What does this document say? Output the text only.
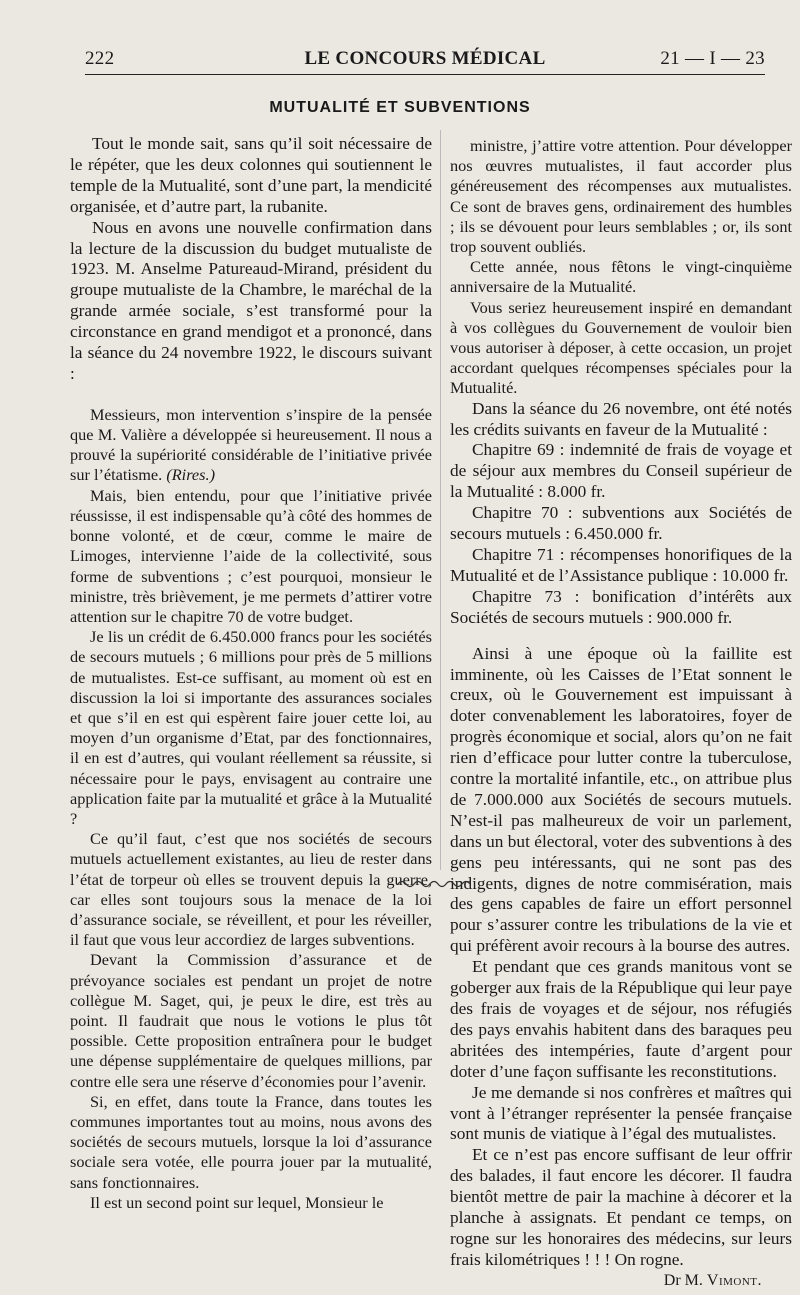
222	LE CONCOURS MÉDICAL	21 — I — 23
MUTUALITÉ ET SUBVENTIONS

Tout le monde sait, sans qu’il soit nécessaire de le répéter, que les deux colonnes qui soutiennent le temple de la Mutualité, sont d’une part, la mendicité organisée, et d’autre part, la rubanite.

Nous en avons une nouvelle confirmation dans la lecture de la discussion du budget mutualiste de 1923. M. Anselme Patureaud-Mirand, président du groupe mutualiste de la Chambre, le maréchal de la grande armée sociale, s’est transformé pour la circonstance en grand mendigot et a prononcé, dans la séance du 24 novembre 1922, le discours suivant :

Messieurs, mon intervention s’inspire de la pensée que M. Valière a développée si heureusement. Il nous a prouvé la supériorité considérable de l’initiative privée sur l’étatisme. (Rires.)

Mais, bien entendu, pour que l’initiative privée réussisse, il est indispensable qu’à côté des hommes de bonne volonté, et de cœur, comme le maire de Limoges, intervienne l’aide de la collectivité, sous forme de subventions ; c’est pourquoi, monsieur le ministre, très brièvement, je me permets d’attirer votre attention sur le chapitre 70 de votre budget.

Je lis un crédit de 6.450.000 francs pour les sociétés de secours mutuels ; 6 millions pour près de 5 millions de mutualistes. Est-ce suffisant, au moment où est en discussion la loi si importante des assurances sociales et que s’il en est qui espèrent faire jouer cette loi, au moyen d’un organisme d’Etat, par des fonctionnaires, il en est d’autres, qui voulant réellement sa réussite, si nécessaire pour le pays, envisagent au contraire une application faite par la mutualité et grâce à la Mutualité ?

Ce qu’il faut, c’est que nos sociétés de secours mutuels actuellement existantes, au lieu de rester dans l’état de torpeur où elles se trouvent depuis la guerre, car elles sont toujours sous la menace de la loi d’assurance sociale, se réveillent, et pour les réveiller, il faut que vous leur accordiez de larges subventions.

Devant la Commission d’assurance et de prévoyance sociales est pendant un projet de notre collègue M. Saget, qui, je peux le dire, est très au point. Il faudrait que nous le votions le plus tôt possible. Cette proposition entraînera pour le budget une dépense supplémentaire de quelques millions, par contre elle sera une réserve d’économies pour l’avenir.

Si, en effet, dans toute la France, dans toutes les communes importantes tout au moins, nous avons des sociétés de secours mutuels, lorsque la loi d’assurance sociale sera votée, elle pourra jouer par la mutualité, sans fonctionnaires.

Il est un second point sur lequel, Monsieur le

ministre, j’attire votre attention. Pour développer nos œuvres mutualistes, il faut accorder plus généreusement des récompenses aux mutualistes. Ce sont de braves gens, ordinairement des humbles ; ils se dévouent pour leurs semblables ; or, ils sont trop souvent oubliés.

Cette année, nous fêtons le vingt-cinquième anniversaire de la Mutualité.

Vous seriez heureusement inspiré en demandant à vos collègues du Gouvernement de vouloir bien vous autoriser à déposer, à cette occasion, un projet accordant quelques récompenses spéciales pour la Mutualité.

Dans la séance du 26 novembre, ont été notés les crédits suivants en faveur de la Mutualité :

Chapitre 69 : indemnité de frais de voyage et de séjour aux membres du Conseil supérieur de la Mutualité : 8.000 fr.

Chapitre 70 : subventions aux Sociétés de secours mutuels : 6.450.000 fr.

Chapitre 71 : récompenses honorifiques de la Mutualité et de l’Assistance publique : 10.000 fr.

Chapitre 73 : bonification d’intérêts aux Sociétés de secours mutuels : 900.000 fr.

Ainsi à une époque où la faillite est imminente, où les Caisses de l’Etat sonnent le creux, où le Gouvernement est impuissant à doter convenablement les laboratoires, foyer de progrès économique et social, alors qu’on ne fait rien d’efficace pour lutter contre la tuberculose, contre la mortalité infantile, etc., on attribue plus de 7.000.000 aux Sociétés de secours mutuels. N’est-il pas malheureux de voir un parlement, dans un but électoral, voter des subventions à des gens peu intéressants, qui ne sont pas des indigents, dignes de notre commisération, mais des gens capables de faire un effort personnel pour s’assurer contre les tribulations de la vie et qui préfèrent avoir recours à la bourse des autres.

Et pendant que ces grands manitous vont se goberger aux frais de la République qui leur paye des frais de voyages et de séjour, nos réfugiés des pays envahis habitent dans des baraques peu abritées des intempéries, faute d’argent pour doter d’une façon suffisante les reconstitutions.

Je me demande si nos confrères et maîtres qui vont à l’étranger représenter la pensée française sont munis de viatique à l’égal des mutualistes.

Et ce n’est pas encore suffisant de leur offrir des balades, il faut encore les décorer. Il faudra bientôt mettre de pair la machine à décorer et la planche à assignats. Et pendant ce temps, on rogne sur les honoraires des médecins, sur leurs frais kilométriques ! ! ! On rogne.

Dr M. Vimont.
